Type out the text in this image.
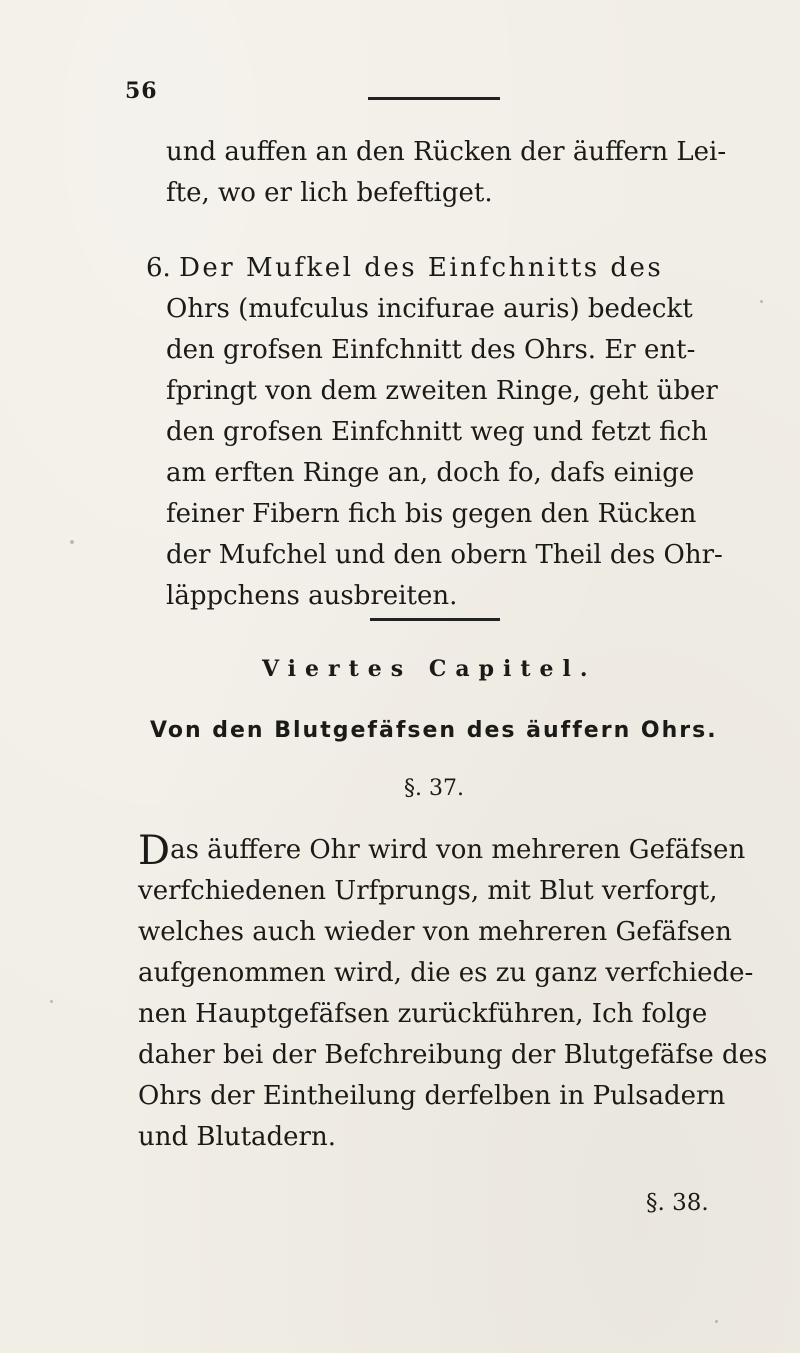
56
und auffen an den Rücken der äuffern Lei-
fte, wo er lich befeftiget.
6. Der Mufkel des Einfchnitts des
Ohrs (mufculus incifurae auris) bedeckt
den grofsen Einfchnitt des Ohrs. Er ent-
fpringt von dem zweiten Ringe, geht über
den grofsen Einfchnitt weg und fetzt fich
am erften Ringe an, doch fo, dafs einige
feiner Fibern fich bis gegen den Rücken
der Mufchel und den obern Theil des Ohr-
läppchens ausbreiten.
Viertes Capitel.
Von den Blutgefäfsen des äuffern Ohrs.
§. 37.
Das äuffere Ohr wird von mehreren Gefäfsen
verfchiedenen Urfprungs, mit Blut verforgt,
welches auch wieder von mehreren Gefäfsen
aufgenommen wird, die es zu ganz verfchiede-
nen Hauptgefäfsen zurückführen, Ich folge
daher bei der Befchreibung der Blutgefäfse des
Ohrs der Eintheilung derfelben in Pulsadern
und Blutadern.
§. 38.
